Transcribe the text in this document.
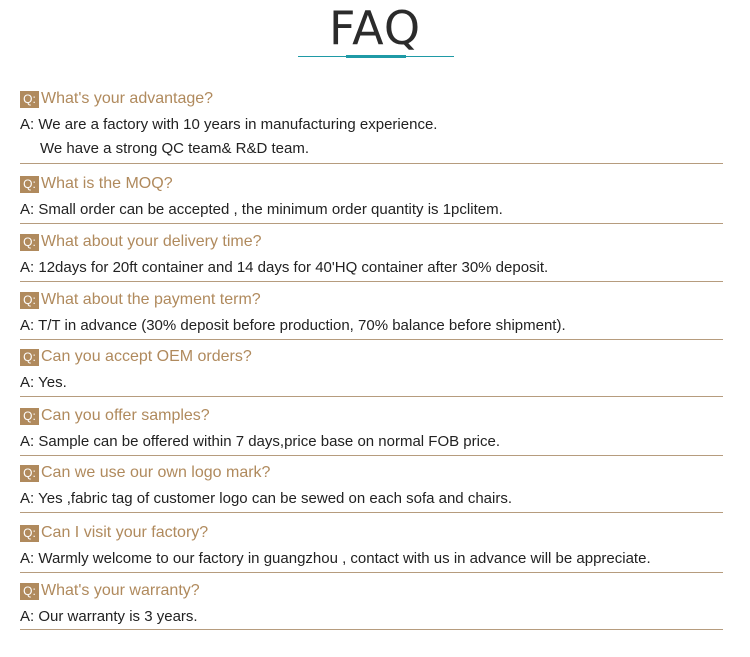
FAQ
Q: What's your advantage?
A: We are a factory with 10 years in manufacturing experience.
We have a strong QC team& R&D team.
Q: What is the MOQ?
A: Small order can be accepted , the minimum order quantity is 1pclitem.
Q: What about your delivery time?
A: 12days for 20ft container and 14 days for 40'HQ container after 30% deposit.
Q: What about the payment term?
A: T/T in advance (30% deposit before production, 70% balance before shipment).
Q: Can you accept OEM orders?
A: Yes.
Q: Can you offer samples?
A: Sample can be offered within 7 days,price base on normal FOB price.
Q: Can we use our own logo mark?
A: Yes ,fabric tag of customer logo can be sewed on each sofa and chairs.
Q: Can I visit your factory?
A: Warmly welcome to our factory in guangzhou , contact with us in advance will be appreciate.
Q: What's your warranty?
A: Our warranty is 3 years.
